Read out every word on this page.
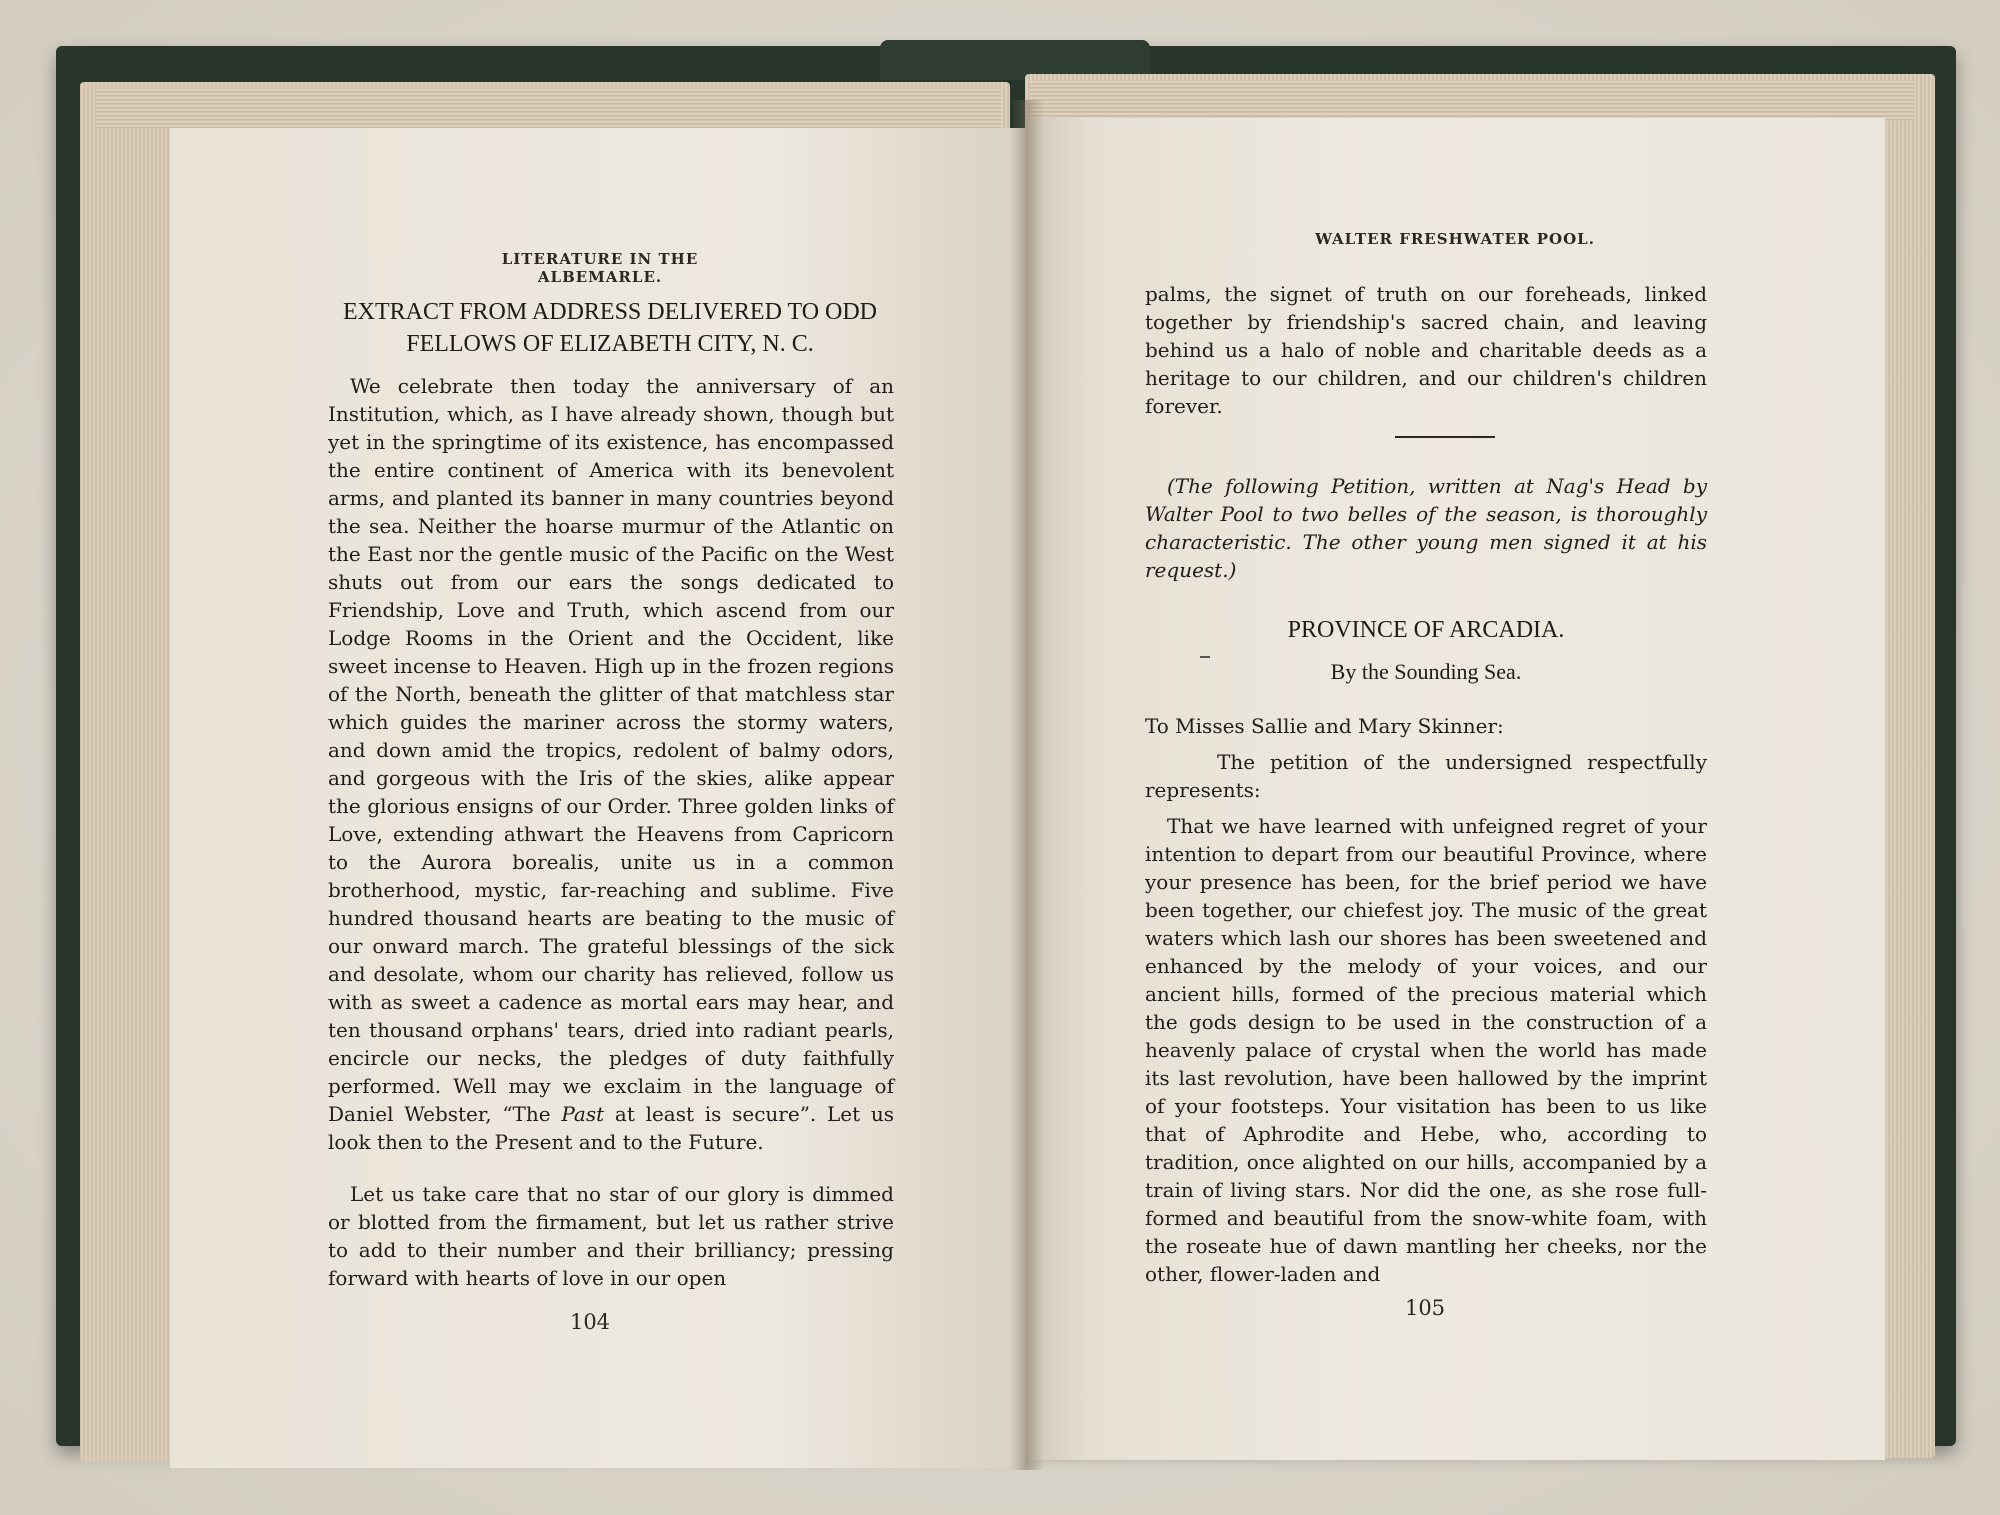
LITERATURE IN THE ALBEMARLE.
EXTRACT FROM ADDRESS DELIVERED TO ODD
FELLOWS OF ELIZABETH CITY, N. C.

We celebrate then today the anniversary of an Institution, which, as I have already shown, though but yet in the springtime of its existence, has encompassed the entire continent of America with its benevolent arms, and planted its banner in many countries beyond the sea. Neither the hoarse murmur of the Atlantic on the East nor the gentle music of the Pacific on the West shuts out from our ears the songs dedicated to Friendship, Love and Truth, which ascend from our Lodge Rooms in the Orient and the Occident, like sweet incense to Heaven. High up in the frozen regions of the North, beneath the glitter of that matchless star which guides the mariner across the stormy waters, and down amid the tropics, redolent of balmy odors, and gorgeous with the Iris of the skies, alike appear the glorious ensigns of our Order. Three golden links of Love, extending athwart the Heavens from Capricorn to the Aurora borealis, unite us in a common brotherhood, mystic, far-reaching and sublime. Five hundred thousand hearts are beating to the music of our onward march. The grateful blessings of the sick and desolate, whom our charity has relieved, follow us with as sweet a cadence as mortal ears may hear, and ten thousand orphans' tears, dried into radiant pearls, encircle our necks, the pledges of duty faithfully performed. Well may we exclaim in the language of Daniel Webster, “The Past at least is secure”. Let us look then to the Present and to the Future.

Let us take care that no star of our glory is dimmed or blotted from the firmament, but let us rather strive to add to their number and their brilliancy; pressing forward with hearts of love in our open

104
WALTER FRESHWATER POOL.

palms, the signet of truth on our foreheads, linked together by friendship's sacred chain, and leaving behind us a halo of noble and charitable deeds as a heritage to our children, and our children's children forever.

(The following Petition, written at Nag's Head by Walter Pool to two belles of the season, is thoroughly characteristic. The other young men signed it at his request.)

PROVINCE OF ARCADIA.
By the Sounding Sea.

To Misses Sallie and Mary Skinner:

The petition of the undersigned respectfully represents:

That we have learned with unfeigned regret of your intention to depart from our beautiful Province, where your presence has been, for the brief period we have been together, our chiefest joy. The music of the great waters which lash our shores has been sweetened and enhanced by the melody of your voices, and our ancient hills, formed of the precious material which the gods design to be used in the construction of a heavenly palace of crystal when the world has made its last revolution, have been hallowed by the imprint of your footsteps. Your visitation has been to us like that of Aphrodite and Hebe, who, according to tradition, once alighted on our hills, accompanied by a train of living stars. Nor did the one, as she rose full-formed and beautiful from the snow-white foam, with the roseate hue of dawn mantling her cheeks, nor the other, flower-laden and

105
